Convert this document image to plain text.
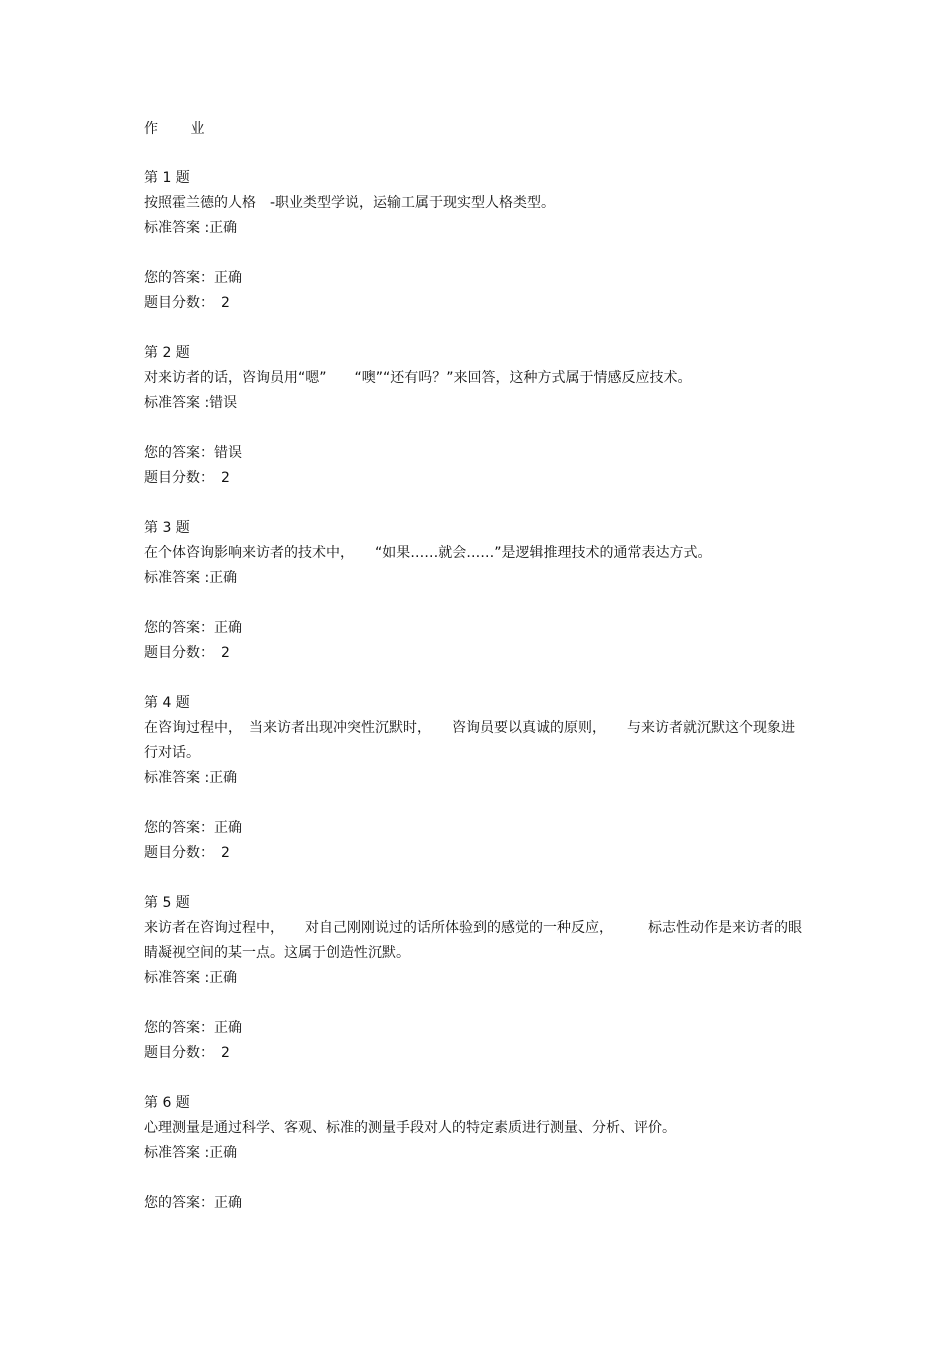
作 业

第 1 题

按照霍兰德的人格　-职业类型学说，运输工属于现实型人格类型。

标准答案 :正确

您的答案：正确

题目分数：　2

第 2 题

对来访者的话，咨询员用“嗯”　　“噢”“还有吗？”来回答，这种方式属于情感反应技术。

标准答案 :错误

您的答案：错误

题目分数：　2

第 3 题

在个体咨询影响来访者的技术中，　　“如果……就会……”是逻辑推理技术的通常表达方式。

标准答案 :正确

您的答案：正确

题目分数：　2

第 4 题

在咨询过程中，　当来访者出现冲突性沉默时，　　咨询员要以真诚的原则，　　与来访者就沉默这个现象进行对话。

标准答案 :正确

您的答案：正确

题目分数：　2

第 5 题

来访者在咨询过程中，　　对自己刚刚说过的话所体验到的感觉的一种反应，　　　标志性动作是来访者的眼睛凝视空间的某一点。这属于创造性沉默。

标准答案 :正确

您的答案：正确

题目分数：　2

第 6 题

心理测量是通过科学、客观、标准的测量手段对人的特定素质进行测量、分析、评价。

标准答案 :正确

您的答案：正确
